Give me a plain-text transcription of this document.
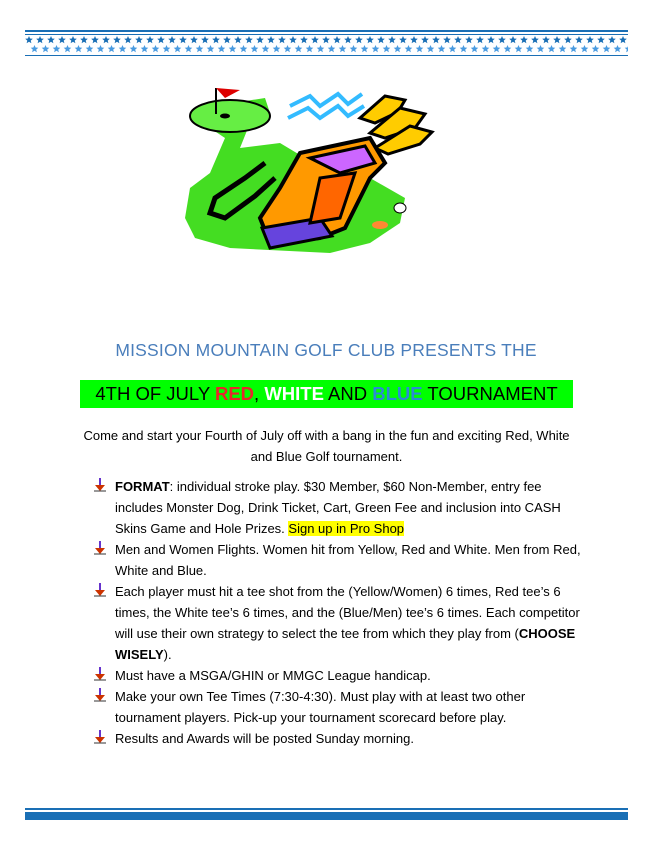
MISSION MOUNTAIN GOLF CLUB PRESENTS THE
4TH OF JULY RED, WHITE AND BLUE TOURNAMENT
Come and start your Fourth of July off with a bang in the fun and exciting Red, White and Blue Golf tournament.
FORMAT: individual stroke play. $30 Member, $60 Non-Member, entry fee includes Monster Dog, Drink Ticket, Cart, Green Fee and inclusion into CASH Skins Game and Hole Prizes. Sign up in Pro Shop
Men and Women Flights. Women hit from Yellow, Red and White. Men from Red, White and Blue.
Each player must hit a tee shot from the (Yellow/Women) 6 times, Red tee’s 6 times, the White tee’s 6 times, and the (Blue/Men) tee’s 6 times. Each competitor will use their own strategy to select the tee from which they play from (CHOOSE WISELY).
Must have a MSGA/GHIN or MMGC League handicap.
Make your own Tee Times (7:30-4:30). Must play with at least two other tournament players. Pick-up your tournament scorecard before play.
Results and Awards will be posted Sunday morning.
